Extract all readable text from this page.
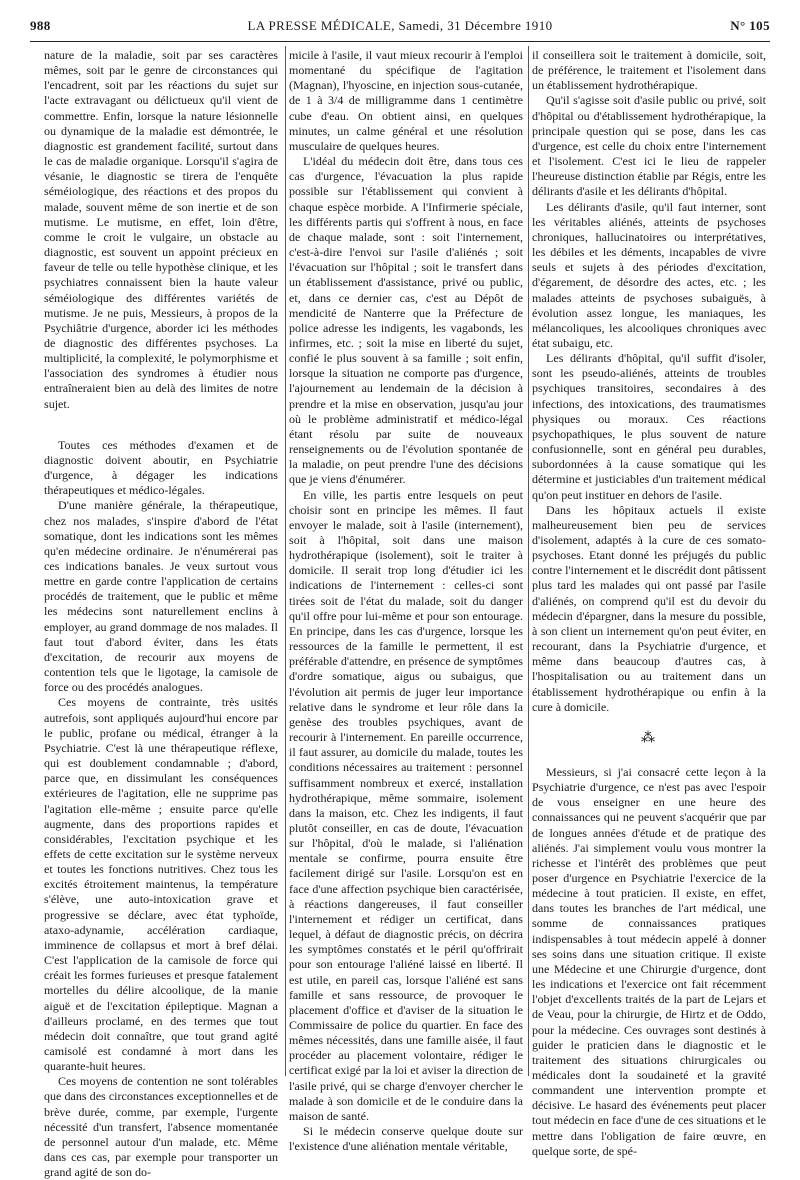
988	LA PRESSE MÉDICALE, Samedi, 31 Décembre 1910	N° 105

nature de la maladie, soit par ses caractères mêmes, soit par le genre de circonstances qui l'encadrent, soit par les réactions du sujet sur l'acte extravagant ou délictueux qu'il vient de commettre. Enfin, lorsque la nature lésionnelle ou dynamique de la maladie est démontrée, le diagnostic est grandement facilité, surtout dans le cas de maladie organique. Lorsqu'il s'agira de vésanie, le diagnostic se tirera de l'enquête séméiologique, des réactions et des propos du malade, souvent même de son inertie et de son mutisme. Le mutisme, en effet, loin d'être, comme le croit le vulgaire, un obstacle au diagnostic, est souvent un appoint précieux en faveur de telle ou telle hypothèse clinique, et les psychiatres connaissent bien la haute valeur séméiologique des différentes variétés de mutisme. Je ne puis, Messieurs, à propos de la Psychiâtrie d'urgence, aborder ici les méthodes de diagnostic des différentes psychoses. La multiplicité, la complexité, le polymorphisme et l'association des syndromes à étudier nous entraîneraient bien au delà des limites de notre sujet.

Toutes ces méthodes d'examen et de diagnostic doivent aboutir, en Psychiatrie d'urgence, à dégager les indications thérapeutiques et médico-légales.

D'une manière générale, la thérapeutique, chez nos malades, s'inspire d'abord de l'état somatique, dont les indications sont les mêmes qu'en médecine ordinaire. Je n'énumérerai pas ces indications banales. Je veux surtout vous mettre en garde contre l'application de certains procédés de traitement, que le public et même les médecins sont naturellement enclins à employer, au grand dommage de nos malades. Il faut tout d'abord éviter, dans les états d'excitation, de recourir aux moyens de contention tels que le ligotage, la camisole de force ou des procédés analogues.

Ces moyens de contrainte, très usités autrefois, sont appliqués aujourd'hui encore par le public, profane ou médical, étranger à la Psychiatrie. C'est là une thérapeutique réflexe, qui est doublement condamnable ; d'abord, parce que, en dissimulant les conséquences extérieures de l'agitation, elle ne supprime pas l'agitation elle-même ; ensuite parce qu'elle augmente, dans des proportions rapides et considérables, l'excitation psychique et les effets de cette excitation sur le système nerveux et toutes les fonctions nutritives. Chez tous les excités étroitement maintenus, la température s'élève, une auto-intoxication grave et progressive se déclare, avec état typhoïde, ataxo-adynamie, accélération cardiaque, imminence de collapsus et mort à bref délai. C'est l'application de la camisole de force qui créait les formes furieuses et presque fatalement mortelles du délire alcoolique, de la manie aiguë et de l'excitation épileptique. Magnan a d'ailleurs proclamé, en des termes que tout médecin doit connaître, que tout grand agité camisolé est condamné à mort dans les quarante-huit heures.

Ces moyens de contention ne sont tolérables que dans des circonstances exceptionnelles et de brève durée, comme, par exemple, l'urgente nécessité d'un transfert, l'absence momentanée de personnel autour d'un malade, etc. Même dans ces cas, par exemple pour transporter un grand agité de son do-

micile à l'asile, il vaut mieux recourir à l'emploi momentané du spécifique de l'agitation (Magnan), l'hyoscine, en injection sous-cutanée, de 1 à 3/4 de milligramme dans 1 centimètre cube d'eau. On obtient ainsi, en quelques minutes, un calme général et une résolution musculaire de quelques heures.

L'idéal du médecin doit être, dans tous ces cas d'urgence, l'évacuation la plus rapide possible sur l'établissement qui convient à chaque espèce morbide. A l'Infirmerie spéciale, les différents partis qui s'offrent à nous, en face de chaque malade, sont : soit l'internement, c'est-à-dire l'envoi sur l'asile d'aliénés ; soit l'évacuation sur l'hôpital ; soit le transfert dans un établissement d'assistance, privé ou public, et, dans ce dernier cas, c'est au Dépôt de mendicité de Nanterre que la Préfecture de police adresse les indigents, les vagabonds, les infirmes, etc. ; soit la mise en liberté du sujet, confié le plus souvent à sa famille ; soit enfin, lorsque la situation ne comporte pas d'urgence, l'ajournement au lendemain de la décision à prendre et la mise en observation, jusqu'au jour où le problème administratif et médico-légal étant résolu par suite de nouveaux renseignements ou de l'évolution spontanée de la maladie, on peut prendre l'une des décisions que je viens d'énumérer.

En ville, les partis entre lesquels on peut choisir sont en principe les mêmes. Il faut envoyer le malade, soit à l'asile (internement), soit à l'hôpital, soit dans une maison hydrothérapique (isolement), soit le traiter à domicile. Il serait trop long d'étudier ici les indications de l'internement : celles-ci sont tirées soit de l'état du malade, soit du danger qu'il offre pour lui-même et pour son entourage. En principe, dans les cas d'urgence, lorsque les ressources de la famille le permettent, il est préférable d'attendre, en présence de symptômes d'ordre somatique, aigus ou subaigus, que l'évolution ait permis de juger leur importance relative dans le syndrome et leur rôle dans la genèse des troubles psychiques, avant de recourir à l'internement. En pareille occurrence, il faut assurer, au domicile du malade, toutes les conditions nécessaires au traitement : personnel suffisamment nombreux et exercé, installation hydrothérapique, même sommaire, isolement dans la maison, etc. Chez les indigents, il faut plutôt conseiller, en cas de doute, l'évacuation sur l'hôpital, d'où le malade, si l'aliénation mentale se confirme, pourra ensuite être facilement dirigé sur l'asile. Lorsqu'on est en face d'une affection psychique bien caractérisée, à réactions dangereuses, il faut conseiller l'internement et rédiger un certificat, dans lequel, à défaut de diagnostic précis, on décrira les symptômes constatés et le péril qu'offrirait pour son entourage l'aliéné laissé en liberté. Il est utile, en pareil cas, lorsque l'aliéné est sans famille et sans ressource, de provoquer le placement d'office et d'aviser de la situation le Commissaire de police du quartier. En face des mêmes nécessités, dans une famille aisée, il faut procéder au placement volontaire, rédiger le certificat exigé par la loi et aviser la direction de l'asile privé, qui se charge d'envoyer chercher le malade à son domicile et de le conduire dans la maison de santé.

Si le médecin conserve quelque doute sur l'existence d'une aliénation mentale véritable,

il conseillera soit le traitement à domicile, soit, de préférence, le traitement et l'isolement dans un établissement hydrothérapique.

Qu'il s'agisse soit d'asile public ou privé, soit d'hôpital ou d'établissement hydrothérapique, la principale question qui se pose, dans les cas d'urgence, est celle du choix entre l'internement et l'isolement. C'est ici le lieu de rappeler l'heureuse distinction établie par Régis, entre les délirants d'asile et les délirants d'hôpital.

Les délirants d'asile, qu'il faut interner, sont les véritables aliénés, atteints de psychoses chroniques, hallucinatoires ou interprétatives, les débiles et les déments, incapables de vivre seuls et sujets à des périodes d'excitation, d'égarement, de désordre des actes, etc. ; les malades atteints de psychoses subaiguës, à évolution assez longue, les maniaques, les mélancoliques, les alcooliques chroniques avec état subaigu, etc.

Les délirants d'hôpital, qu'il suffit d'isoler, sont les pseudo-aliénés, atteints de troubles psychiques transitoires, secondaires à des infections, des intoxications, des traumatismes physiques ou moraux. Ces réactions psychopathiques, le plus souvent de nature confusionnelle, sont en général peu durables, subordonnées à la cause somatique qui les détermine et justiciables d'un traitement médical qu'on peut instituer en dehors de l'asile.

Dans les hôpitaux actuels il existe malheureusement bien peu de services d'isolement, adaptés à la cure de ces somato-psychoses. Etant donné les préjugés du public contre l'internement et le discrédit dont pâtissent plus tard les malades qui ont passé par l'asile d'aliénés, on comprend qu'il est du devoir du médecin d'épargner, dans la mesure du possible, à son client un internement qu'on peut éviter, en recourant, dans la Psychiatrie d'urgence, et même dans beaucoup d'autres cas, à l'hospitalisation ou au traitement dans un établissement hydrothérapique ou enfin à la cure à domicile.

⁂

Messieurs, si j'ai consacré cette leçon à la Psychiatrie d'urgence, ce n'est pas avec l'espoir de vous enseigner en une heure des connaissances qui ne peuvent s'acquérir que par de longues années d'étude et de pratique des aliénés. J'ai simplement voulu vous montrer la richesse et l'intérêt des problèmes que peut poser d'urgence en Psychiatrie l'exercice de la médecine à tout praticien. Il existe, en effet, dans toutes les branches de l'art médical, une somme de connaissances pratiques indispensables à tout médecin appelé à donner ses soins dans une situation critique. Il existe une Médecine et une Chirurgie d'urgence, dont les indications et l'exercice ont fait récemment l'objet d'excellents traités de la part de Lejars et de Veau, pour la chirurgie, de Hirtz et de Oddo, pour la médecine. Ces ouvrages sont destinés à guider le praticien dans le diagnostic et le traitement des situations chirurgicales ou médicales dont la soudaineté et la gravité commandent une intervention prompte et décisive. Le hasard des événements peut placer tout médecin en face d'une de ces situations et le mettre dans l'obligation de faire œuvre, en quelque sorte, de spé-
